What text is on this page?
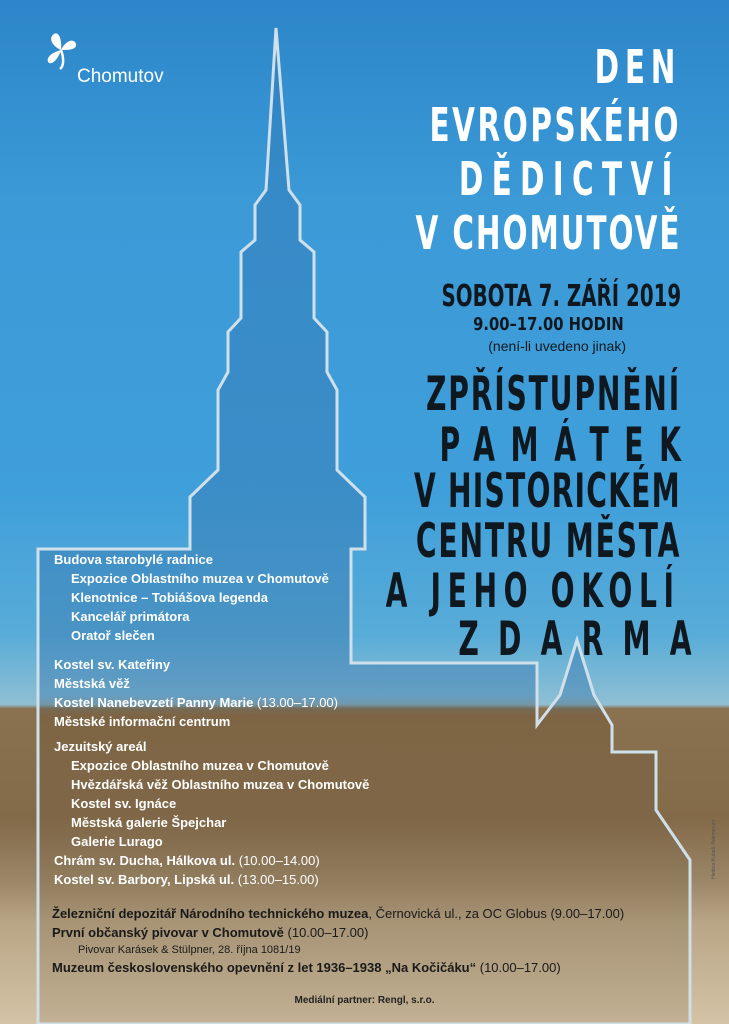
Chomutov	DEN
EVROPSKÉHO
DĚDICTVÍ
V CHOMUTOVĚ
SOBOTA 7. ZÁŘÍ 2019
9.00–17.00 HODIN
(není-li uvedeno jinak)
ZPŘÍSTUPNĚNÍ
PAMÁTEK
V HISTORICKÉM
CENTRU MĚSTA
A JEHO OKOLÍ
ZDARMA
Budova starobylé radnice
Expozice Oblastního muzea v Chomutově
Klenotnice – Tobiášova legenda
Kancelář primátora
Oratoř slečen
Kostel sv. Kateřiny
Městská věž
Kostel Nanebevzetí Panny Marie (13.00–17.00)
Městské informační centrum
Jezuitský areál
Expozice Oblastního muzea v Chomutově
Hvězdářská věž Oblastního muzea v Chomutově
Kostel sv. Ignáce
Městská galerie Špejchar
Galerie Lurago
Chrám sv. Ducha, Hálkova ul. (10.00–14.00)
Kostel sv. Barbory, Lipská ul. (13.00–15.00)
Železniční depozitář Národního technického muzea, Černovická ul., za OC Globus (9.00–17.00)
První občanský pivovar v Chomutově (10.00–17.00)
Pivovar Karásek & Stülpner, 28. října 1081/19
Muzeum československého opevnění z let 1936–1938 „Na Kočičáku“ (10.00–17.00)
Mediální partner: Rengl, s.r.o.
Hedera Kubeš, Ademerum
